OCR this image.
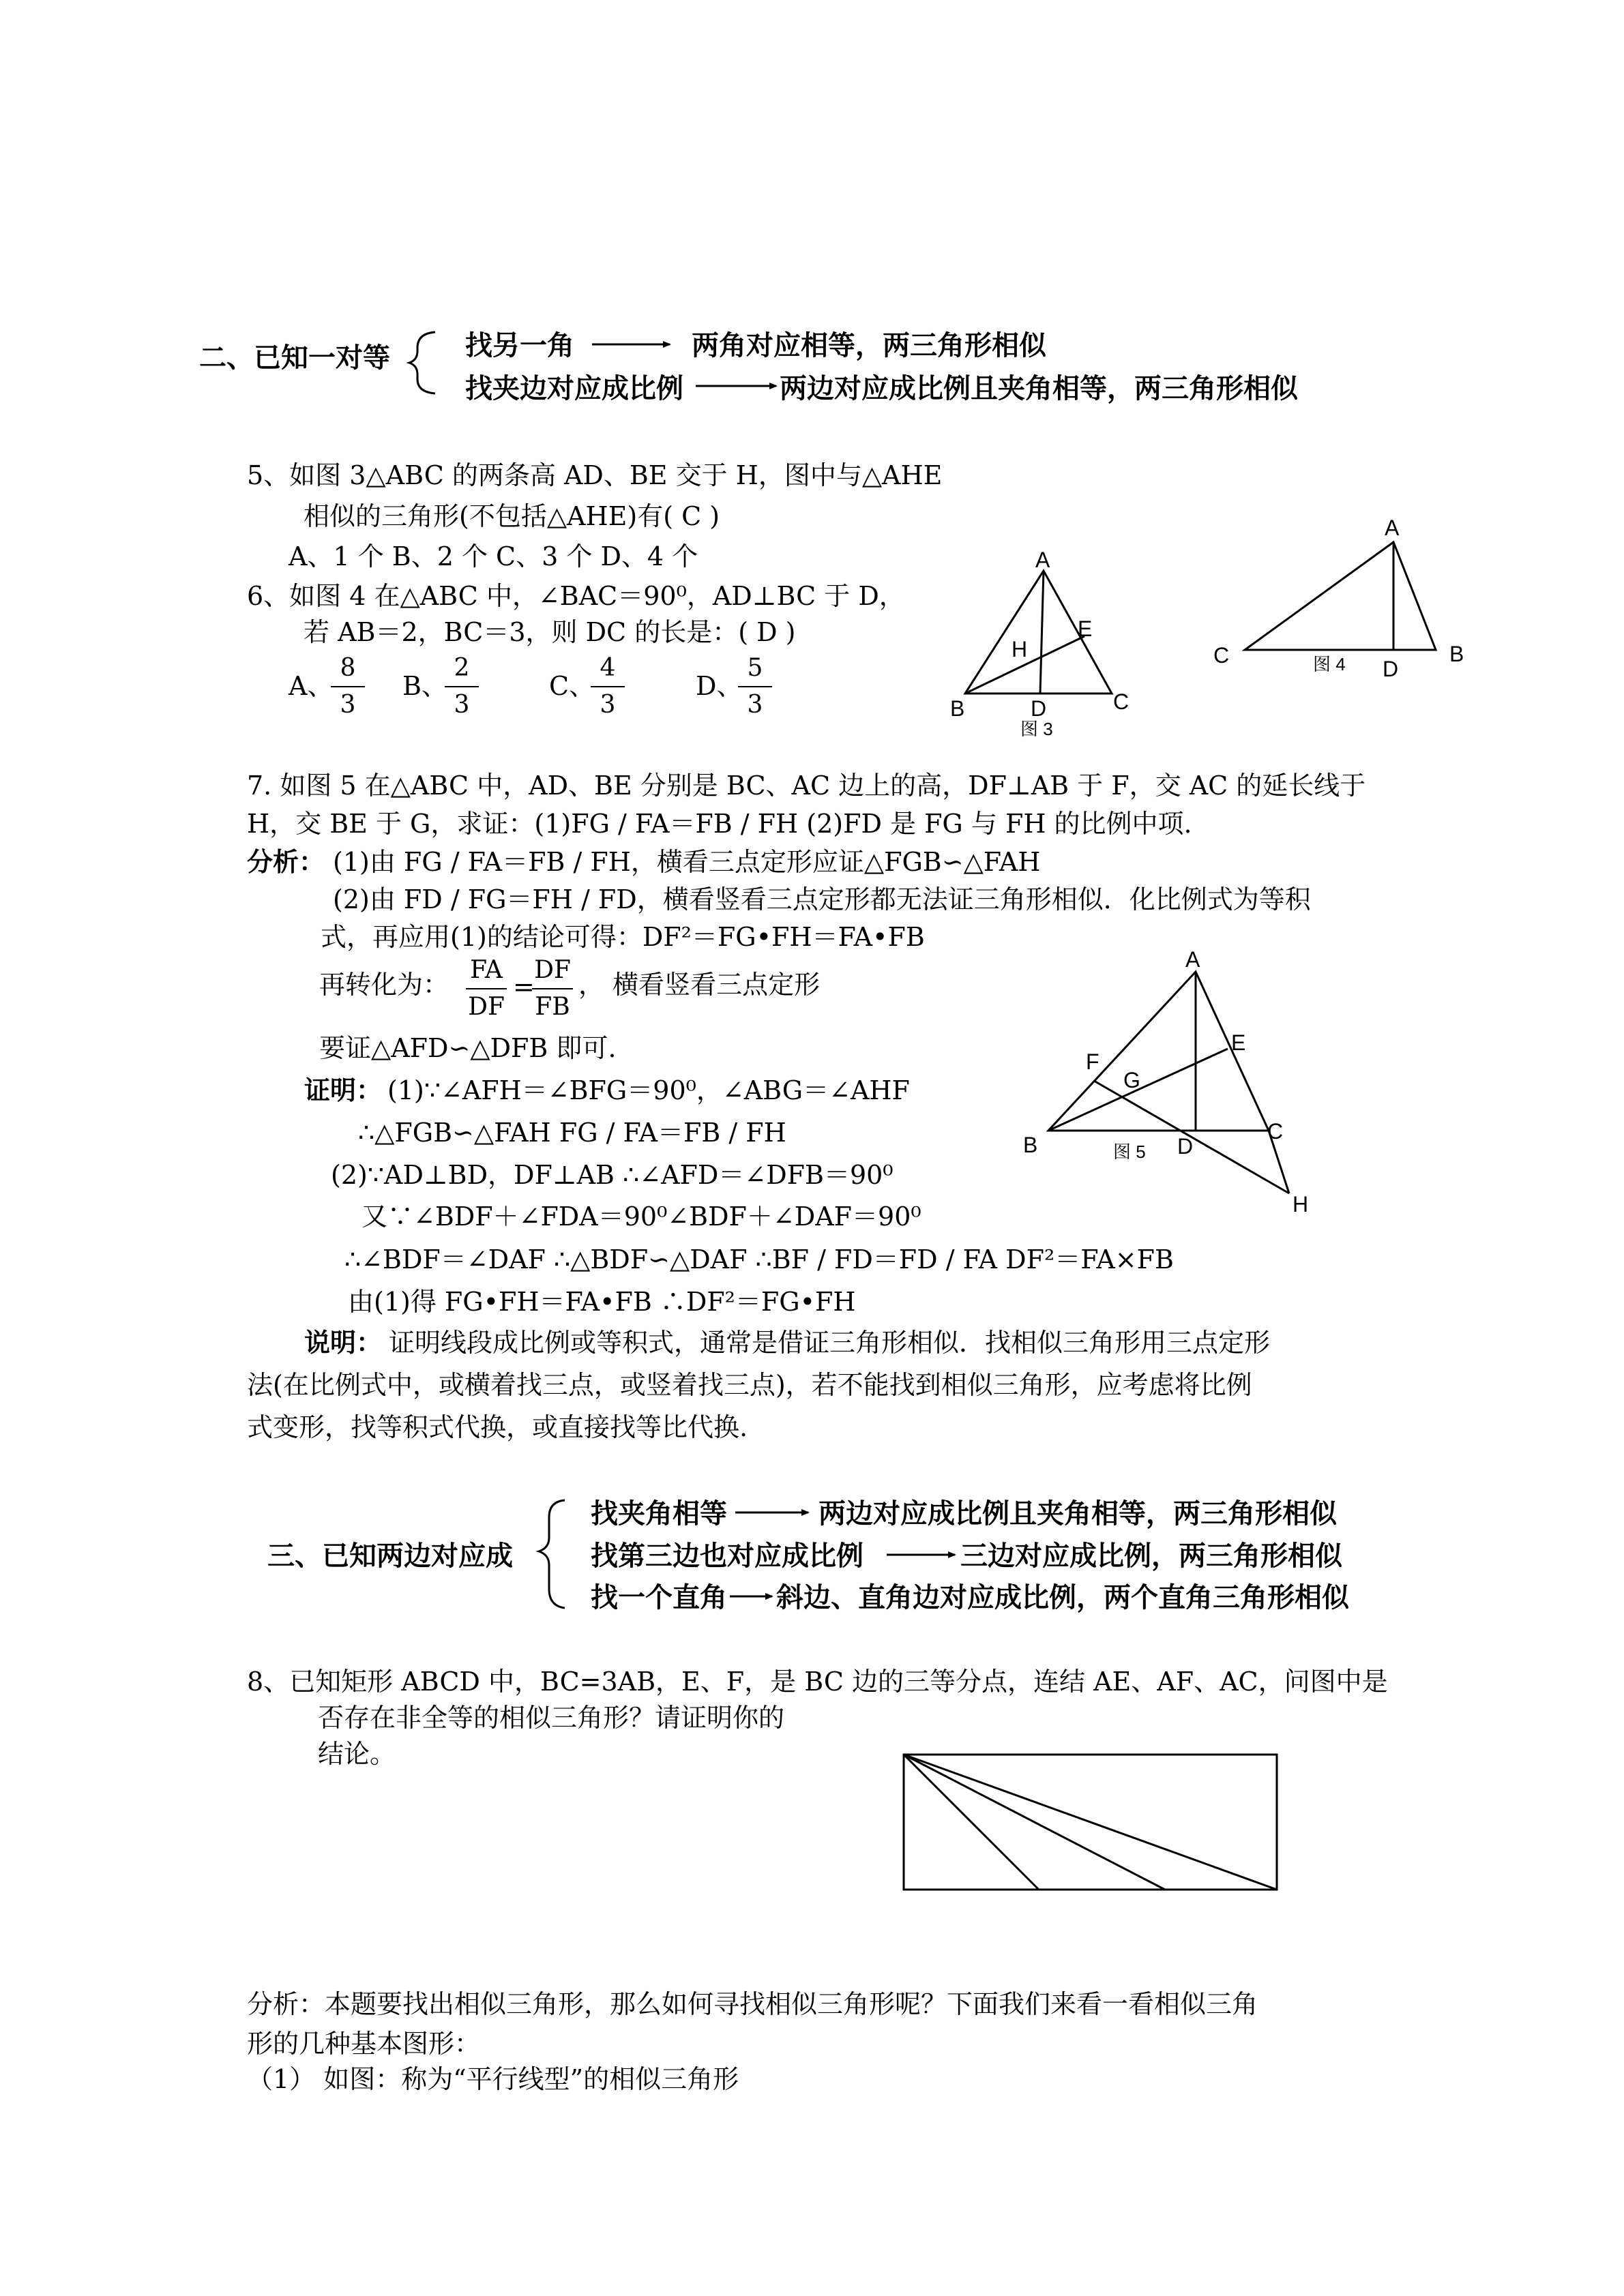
二、已知一对等	找另一角	两角对应相等，两三角形相似
找夹边对应成比例	两边对应成比例且夹角相等，两三角形相似
5、如图 3△ABC 的两条高 AD、BE 交于 H，图中与△AHE
相似的三角形(不包括△AHE)有( C )
A、1 个 B、2 个 C、3 个 D、4 个
6、如图 4 在△ABC 中，∠BAC＝90⁰，AD⊥BC 于 D，
若 AB＝2，BC＝3，则 DC 的长是：( D )
A、
8
3
B、
2
3
C、
4
3
D、
5
3
7. 如图 5 在△ABC 中，AD、BE 分别是 BC、AC 边上的高，DF⊥AB 于 F，交 AC 的延长线于
H，交 BE 于 G，求证：(1)FG / FA＝FB / FH (2)FD 是 FG 与 FH 的比例中项.
分析： (1)由 FG / FA＝FB / FH，横看三点定形应证△FGB∽△FAH
(2)由 FD / FG＝FH / FD，横看竖看三点定形都无法证三角形相似．化比例式为等积
式，再应用(1)的结论可得：DF²＝FG•FH＝FA•FB
再转化为： FA
DF
=
DF
FB
， 横看竖看三点定形
要证△AFD∽△DFB 即可.
证明： (1)∵∠AFH＝∠BFG＝90⁰，∠ABG＝∠AHF
∴△FGB∽△FAH FG / FA＝FB / FH
(2)∵AD⊥BD，DF⊥AB ∴∠AFD＝∠DFB＝90⁰
又∵∠BDF＋∠FDA＝90⁰∠BDF＋∠DAF＝90⁰
∴∠BDF＝∠DAF ∴△BDF∽△DAF ∴BF / FD＝FD / FA DF²＝FA×FB
由(1)得 FG•FH＝FA•FB ∴DF²＝FG•FH
说明： 证明线段成比例或等积式，通常是借证三角形相似．找相似三角形用三点定形
法(在比例式中，或横着找三点，或竖着找三点)，若不能找到相似三角形，应考虑将比例
式变形，找等积式代换，或直接找等比代换.
三、已知两边对应成
找夹角相等	两边对应成比例且夹角相等，两三角形相似
找第三边也对应成比例	三边对应成比例，两三角形相似
找一个直角 斜边、直角边对应成比例，两个直角三角形相似
8、已知矩形 ABCD 中，BC=3AB，E、F，是 BC 边的三等分点，连结 AE、AF、AC，问图中是
否存在非全等的相似三角形？请证明你的
结论。
分析：本题要找出相似三角形，那么如何寻找相似三角形呢？下面我们来看一看相似三角
形的几种基本图形：
（1） 如图：称为“平行线型”的相似三角形
A
B	C
D
E
H
图 3
A
C	B
D
图 4
A
B
C
D
E
F
G
H
图 5
